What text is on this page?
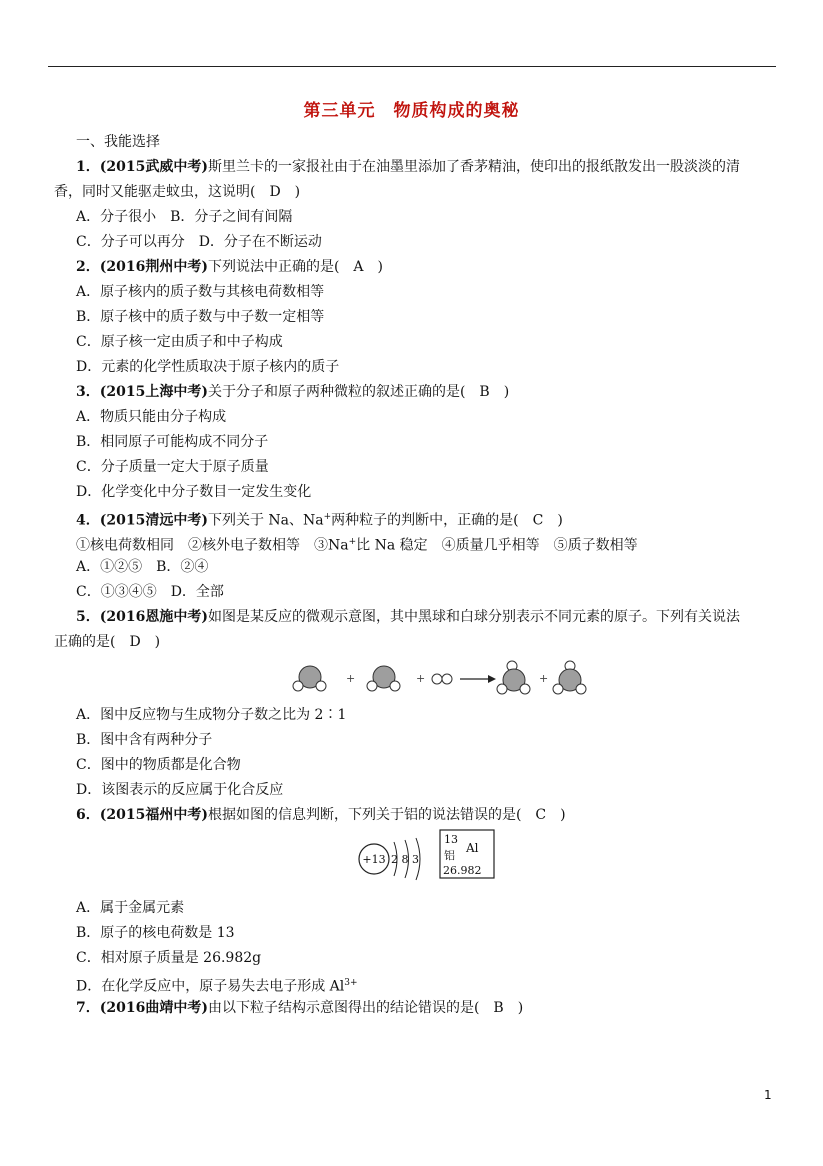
第三单元　物质构成的奥秘
一、我能选择
1．(2015武威中考)斯里兰卡的一家报社由于在油墨里添加了香茅精油，使印出的报纸散发出一股淡淡的清
香，同时又能驱走蚊虫，这说明(　D　)
A．分子很小　B．分子之间有间隔
C．分子可以再分　D．分子在不断运动
2．(2016荆州中考)下列说法中正确的是(　A　)
A．原子核内的质子数与其核电荷数相等
B．原子核中的质子数与中子数一定相等
C．原子核一定由质子和中子构成
D．元素的化学性质取决于原子核内的质子
3．(2015上海中考)关于分子和原子两种微粒的叙述正确的是(　B　)
A．物质只能由分子构成
B．相同原子可能构成不同分子
C．分子质量一定大于原子质量
D．化学变化中分子数目一定发生变化
4．(2015清远中考)下列关于 Na、Na+两种粒子的判断中，正确的是(　C　)
①核电荷数相同　②核外电子数相等　③Na+比 Na 稳定　④质量几乎相等　⑤质子数相等
A．①②⑤　B．②④
C．①③④⑤　D．全部
5．(2016恩施中考)如图是某反应的微观示意图，其中黑球和白球分别表示不同元素的原子。下列有关说法
正确的是(　D　)
+	+	+
A．图中反应物与生成物分子数之比为 2∶1
B．图中含有两种分子
C．图中的物质都是化合物
D．该图表示的反应属于化合反应
6．(2015福州中考)根据如图的信息判断，下列关于铝的说法错误的是(　C　)
+13 2 8 3
13
Al
铝
26.982
A．属于金属元素
B．原子的核电荷数是 13
C．相对原子质量是 26.982g
D．在化学反应中，原子易失去电子形成 $Al^{3+}$
7．(2016曲靖中考)由以下粒子结构示意图得出的结论错误的是(　B　)
1
